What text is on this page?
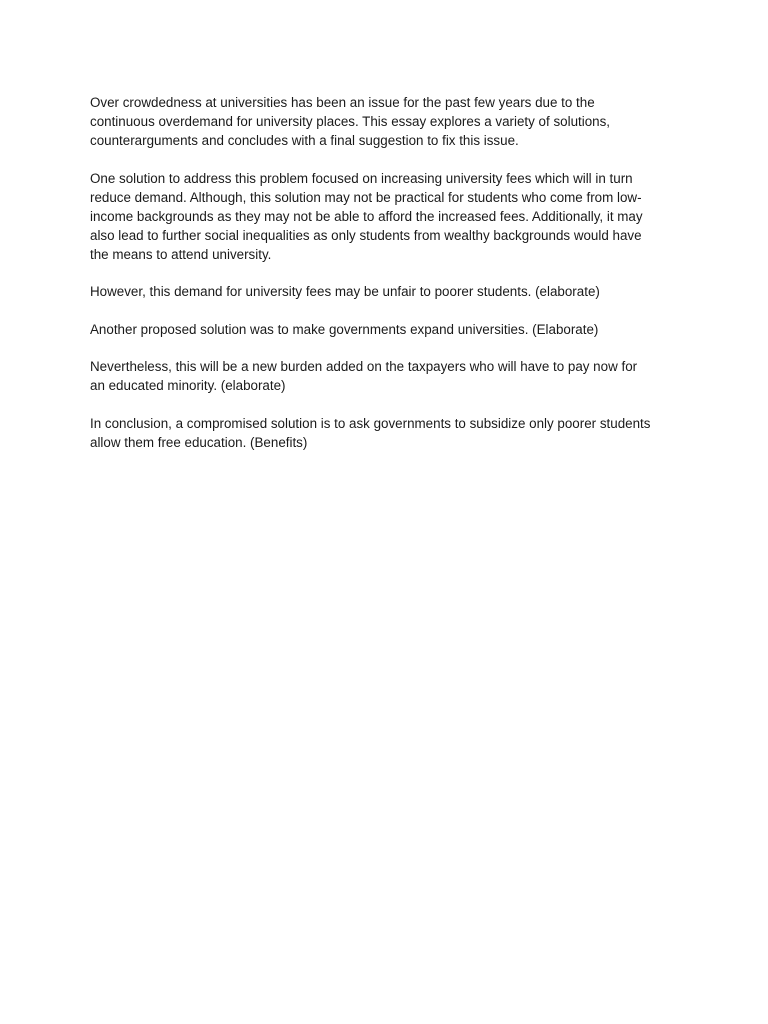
Over crowdedness at universities has been an issue for the past few years due to the
continuous overdemand for university places. This essay explores a variety of solutions,
counterarguments and concludes with a final suggestion to fix this issue.

One solution to address this problem focused on increasing university fees which will in turn
reduce demand. Although, this solution may not be practical for students who come from low-
income backgrounds as they may not be able to afford the increased fees. Additionally, it may
also lead to further social inequalities as only students from wealthy backgrounds would have
the means to attend university.

However, this demand for university fees may be unfair to poorer students. (elaborate)

Another proposed solution was to make governments expand universities. (Elaborate)

Nevertheless, this will be a new burden added on the taxpayers who will have to pay now for
an educated minority. (elaborate)

In conclusion, a compromised solution is to ask governments to subsidize only poorer students
allow them free education. (Benefits)
